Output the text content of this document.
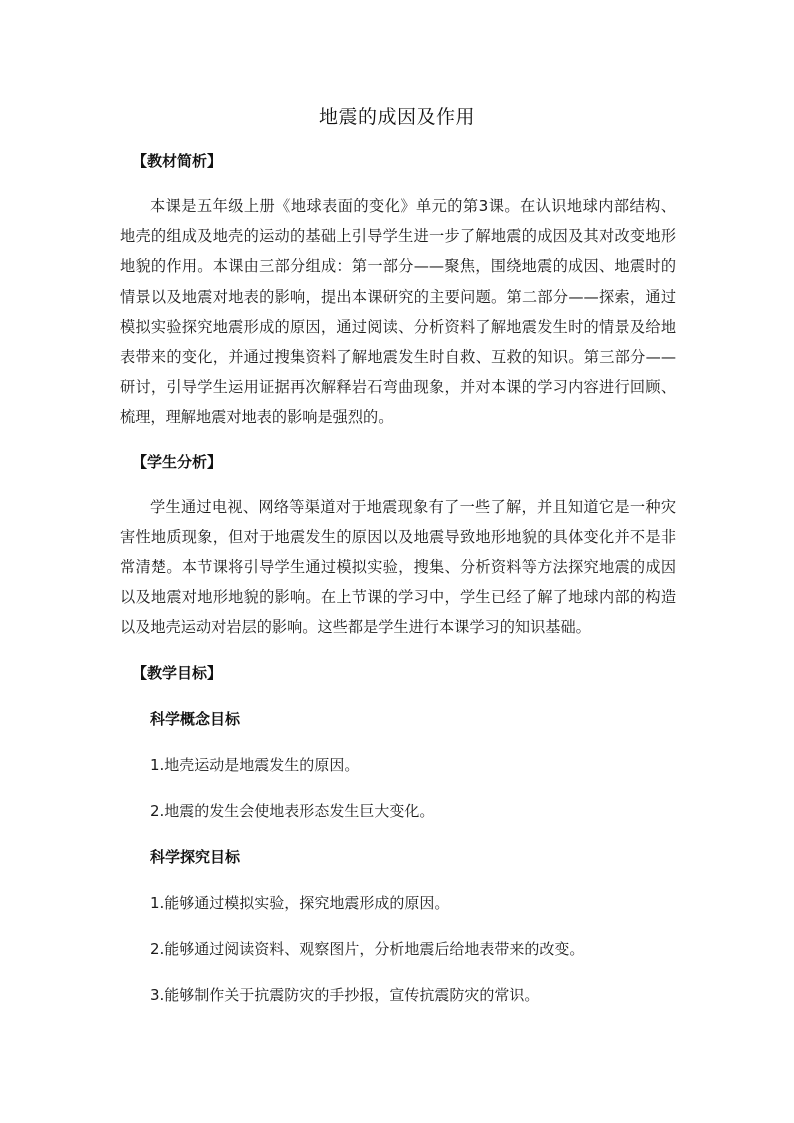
地震的成因及作用

【教材简析】

本课是五年级上册《地球表面的变化》单元的第3课。在认识地球内部结构、地壳的组成及地壳的运动的基础上引导学生进一步了解地震的成因及其对改变地形地貌的作用。本课由三部分组成：第一部分——聚焦，围绕地震的成因、地震时的情景以及地震对地表的影响，提出本课研究的主要问题。第二部分——探索，通过模拟实验探究地震形成的原因，通过阅读、分析资料了解地震发生时的情景及给地表带来的变化，并通过搜集资料了解地震发生时自救、互救的知识。第三部分——研讨，引导学生运用证据再次解释岩石弯曲现象，并对本课的学习内容进行回顾、梳理，理解地震对地表的影响是强烈的。

【学生分析】

学生通过电视、网络等渠道对于地震现象有了一些了解，并且知道它是一种灾害性地质现象，但对于地震发生的原因以及地震导致地形地貌的具体变化并不是非常清楚。本节课将引导学生通过模拟实验，搜集、分析资料等方法探究地震的成因以及地震对地形地貌的影响。在上节课的学习中，学生已经了解了地球内部的构造以及地壳运动对岩层的影响。这些都是学生进行本课学习的知识基础。

【教学目标】

科学概念目标

1.地壳运动是地震发生的原因。

2.地震的发生会使地表形态发生巨大变化。

科学探究目标

1.能够通过模拟实验，探究地震形成的原因。

2.能够通过阅读资料、观察图片，分析地震后给地表带来的改变。

3.能够制作关于抗震防灾的手抄报，宣传抗震防灾的常识。
